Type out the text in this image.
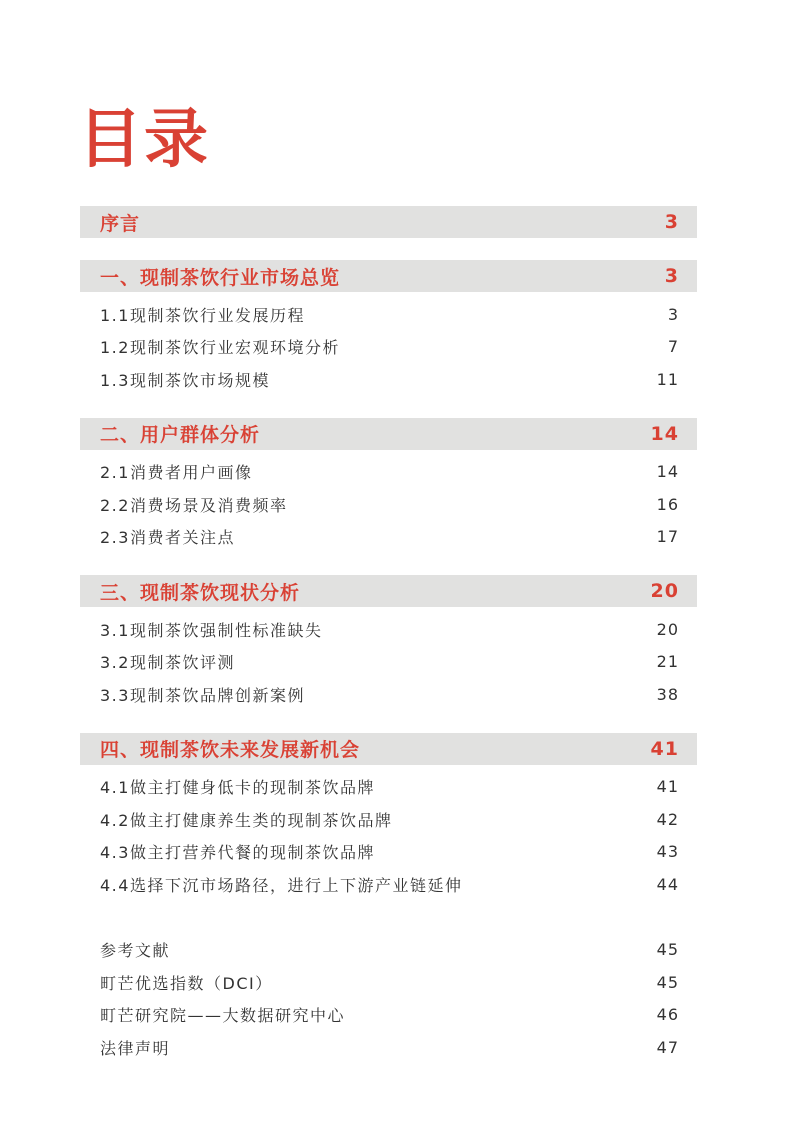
目录
序言	3
一、现制茶饮行业市场总览	3
1.1现制茶饮行业发展历程	3
1.2现制茶饮行业宏观环境分析	7
1.3现制茶饮市场规模	11
二、用户群体分析	14
2.1消费者用户画像	14
2.2消费场景及消费频率	16
2.3消费者关注点	17
三、现制茶饮现状分析	20
3.1现制茶饮强制性标准缺失	20
3.2现制茶饮评测	21
3.3现制茶饮品牌创新案例	38
四、现制茶饮未来发展新机会	41
4.1做主打健身低卡的现制茶饮品牌	41
4.2做主打健康养生类的现制茶饮品牌	42
4.3做主打营养代餐的现制茶饮品牌	43
4.4选择下沉市场路径，进行上下游产业链延伸	44
参考文献	45
町芒优选指数（DCI）	45
町芒研究院——大数据研究中心	46
法律声明	47
